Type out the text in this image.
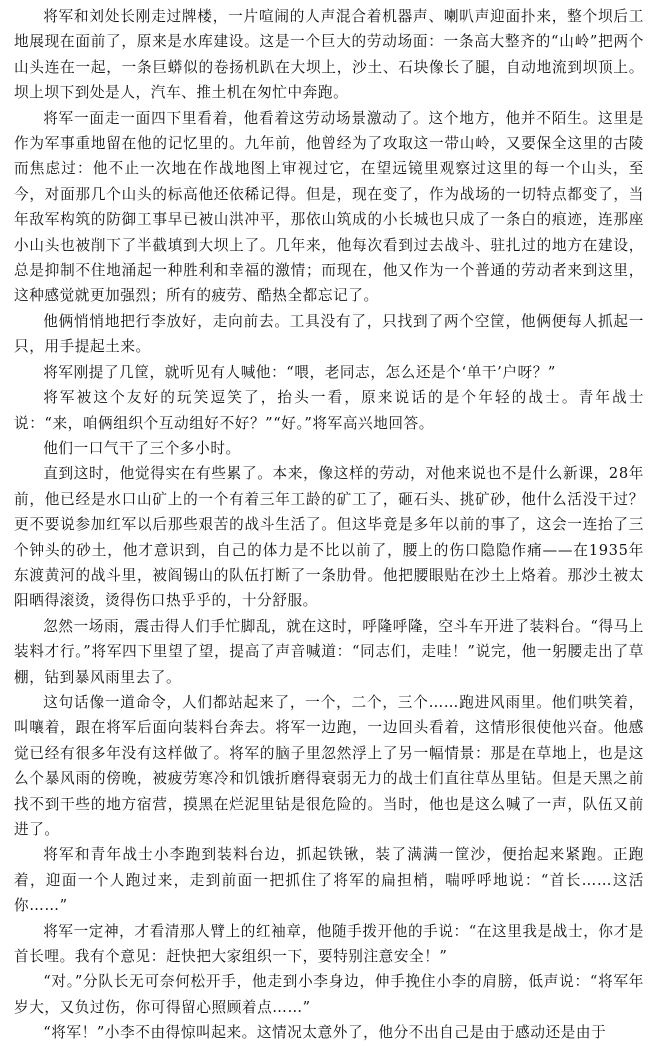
将军和刘处长刚走过牌楼，一片喧闹的人声混合着机器声、喇叭声迎面扑来，整个坝后工地展现在面前了，原来是水库建设。这是一个巨大的劳动场面：一条高大整齐的“山岭”把两个山头连在一起，一条巨蟒似的卷扬机趴在大坝上，沙土、石块像长了腿，自动地流到坝顶上。坝上坝下到处是人，汽车、推土机在匆忙中奔跑。

将军一面走一面四下里看着，他看着这劳动场景激动了。这个地方，他并不陌生。这里是作为军事重地留在他的记忆里的。九年前，他曾经为了攻取这一带山岭，又要保全这里的古陵而焦虑过：他不止一次地在作战地图上审视过它，在望远镜里观察过这里的每一个山头，至今，对面那几个山头的标高他还依稀记得。但是，现在变了，作为战场的一切特点都变了，当年敌军构筑的防御工事早已被山洪冲平，那依山筑成的小长城也只成了一条白的痕迹，连那座小山头也被削下了半截填到大坝上了。几年来，他每次看到过去战斗、驻扎过的地方在建设，总是抑制不住地涌起一种胜利和幸福的激情；而现在，他又作为一个普通的劳动者来到这里，这种感觉就更加强烈；所有的疲劳、酷热全都忘记了。

他俩悄悄地把行李放好，走向前去。工具没有了，只找到了两个空筐，他俩便每人抓起一只，用手提起土来。

将军刚提了几筐，就听见有人喊他：“喂，老同志，怎么还是个‘单干’户呀？”

将军被这个友好的玩笑逗笑了，抬头一看，原来说话的是个年轻的战士。青年战士说：“来，咱俩组织个互动组好不好？”“好。”将军高兴地回答。

他们一口气干了三个多小时。

直到这时，他觉得实在有些累了。本来，像这样的劳动，对他来说也不是什么新课，28年前，他已经是水口山矿上的一个有着三年工龄的矿工了，砸石头、挑矿砂，他什么活没干过？更不要说参加红军以后那些艰苦的战斗生活了。但这毕竟是多年以前的事了，这会一连抬了三个钟头的砂土，他才意识到，自己的体力是不比以前了，腰上的伤口隐隐作痛——在1935年东渡黄河的战斗里，被阎锡山的队伍打断了一条肋骨。他把腰眼贴在沙土上烙着。那沙土被太阳晒得滚烫，烫得伤口热乎乎的，十分舒服。

忽然一场雨，震击得人们手忙脚乱，就在这时，呼隆呼隆，空斗车开进了装料台。“得马上装料才行。”将军四下里望了望，提高了声音喊道：“同志们，走哇！”说完，他一躬腰走出了草棚，钻到暴风雨里去了。

这句话像一道命令，人们都站起来了，一个，二个，三个……跑进风雨里。他们哄笑着，叫嚷着，跟在将军后面向装料台奔去。将军一边跑，一边回头看着，这情形很使他兴奋。他感觉已经有很多年没有这样做了。将军的脑子里忽然浮上了另一幅情景：那是在草地上，也是这么个暴风雨的傍晚，被疲劳寒冷和饥饿折磨得衰弱无力的战士们直往草丛里钻。但是天黑之前找不到干些的地方宿营，摸黑在烂泥里钻是很危险的。当时，他也是这么喊了一声，队伍又前进了。

将军和青年战士小李跑到装料台边，抓起铁锹，装了满满一筐沙，便抬起来紧跑。正跑着，迎面一个人跑过来，走到前面一把抓住了将军的扁担梢，喘呼呼地说：“首长……这活你……”

将军一定神，才看清那人臂上的红袖章，他随手拨开他的手说：“在这里我是战士，你才是首长哩。我有个意见：赶快把大家组织一下，要特别注意安全！”

“对。”分队长无可奈何松开手，他走到小李身边，伸手挽住小李的肩膀，低声说：“将军年岁大，又负过伤，你可得留心照顾着点……”

“将军！”小李不由得惊叫起来。这情况太意外了，他分不出自己是由于感动还是由于
